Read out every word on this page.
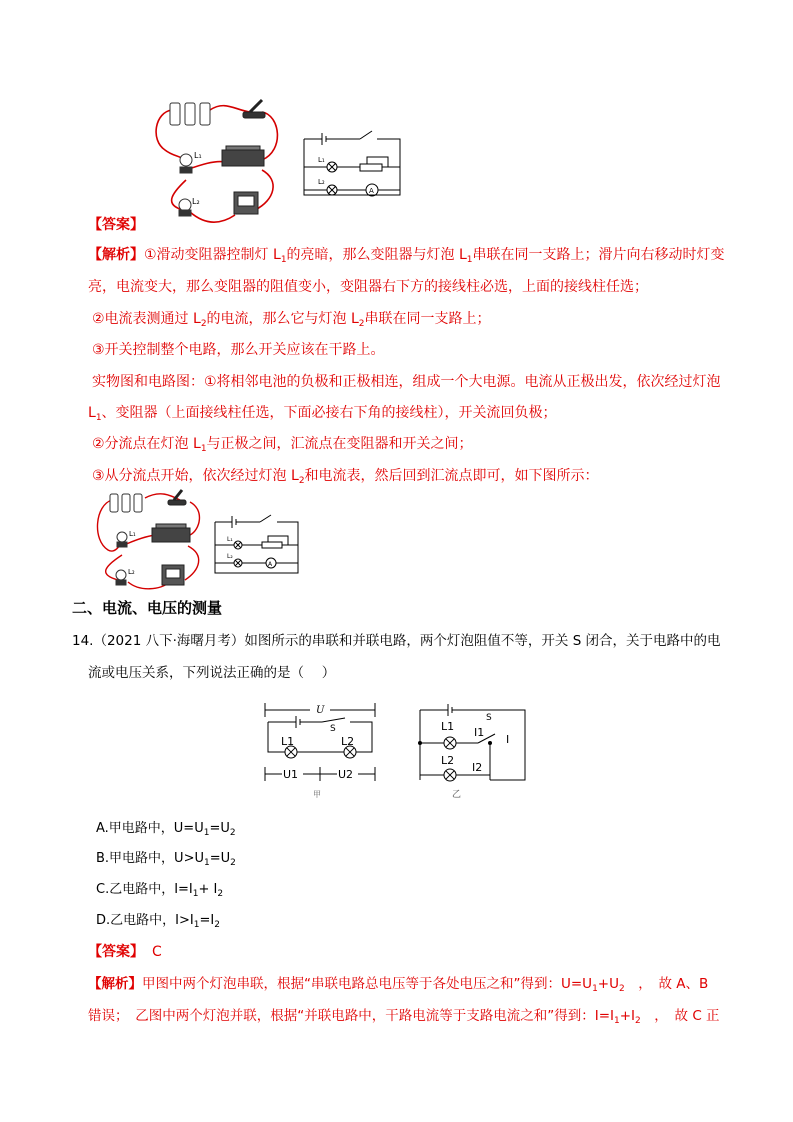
L₁
L₂
L₁
L₂
A
【答案】
【解析】①滑动变阻器控制灯 $L_1$的亮暗，那么变阻器与灯泡 $L_1$串联在同一支路上；滑片向右移动时灯变
亮，电流变大，那么变阻器的阻值变小，变阻器右下方的接线柱必选，上面的接线柱任选；
②电流表测通过 $L_2$的电流，那么它与灯泡 $L_2$串联在同一支路上；
③开关控制整个电路，那么开关应该在干路上。
实物图和电路图：①将相邻电池的负极和正极相连，组成一个大电源。电流从正极出发，依次经过灯泡
$L_1$、变阻器（上面接线柱任选，下面必接右下角的接线柱），开关流回负极；
②分流点在灯泡 $L_1$与正极之间，汇流点在变阻器和开关之间；
③从分流点开始，依次经过灯泡 $L_2$和电流表，然后回到汇流点即可，如下图所示：
L₁
L₂
L₁
L₂
A
二、电流、电压的测量
14.（2021 八下·海曙月考）如图所示的串联和并联电路，两个灯泡阻值不等，开关 S 闭合，关于电路中的电
流或电压关系，下列说法正确的是（　 ）
U
S
L1	L2
U1	U2
甲
L1
S
I1
I
L2
I2
乙
A.甲电路中，$U=U_1=U_2$
B.甲电路中，$U>U_1=U_2$
C.乙电路中，$I=I_1+ I_2$
D.乙电路中，$I>I_1=I_2$
【答案】 C
【解析】甲图中两个灯泡串联，根据“串联电路总电压等于各处电压之和”得到：$U=U_1+U_2$　，　故 A、B
错误；　乙图中两个灯泡并联，根据“并联电路中，干路电流等于支路电流之和”得到：$I=I_1+I_2$　，　故 C 正
